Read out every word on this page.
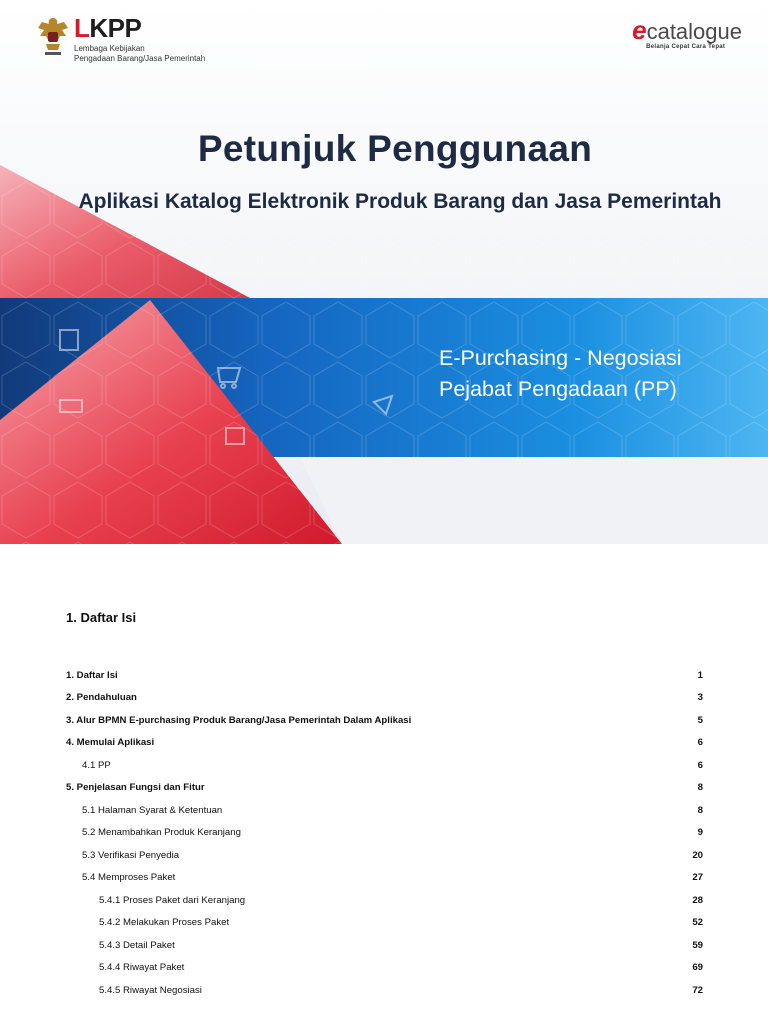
LKPP
Lembaga Kebijakan
Pengadaan Barang/Jasa Pemerintah
ecatalogue
Belanja Cepat Cara Tepat
Petunjuk Penggunaan
Aplikasi Katalog Elektronik Produk Barang dan Jasa Pemerintah
E-Purchasing - Negosiasi
Pejabat Pengadaan (PP)
1. Daftar Isi
1. Daftar Isi	1
2. Pendahuluan	3
3. Alur BPMN E-purchasing Produk Barang/Jasa Pemerintah Dalam Aplikasi	5
4. Memulai Aplikasi	6
4.1 PP	6
5. Penjelasan Fungsi dan Fitur	8
5.1 Halaman Syarat & Ketentuan	8
5.2 Menambahkan Produk Keranjang	9
5.3 Verifikasi Penyedia	20
5.4 Memproses Paket	27
5.4.1 Proses Paket dari Keranjang	28
5.4.2 Melakukan Proses Paket	52
5.4.3 Detail Paket	59
5.4.4 Riwayat Paket	69
5.4.5 Riwayat Negosiasi	72
